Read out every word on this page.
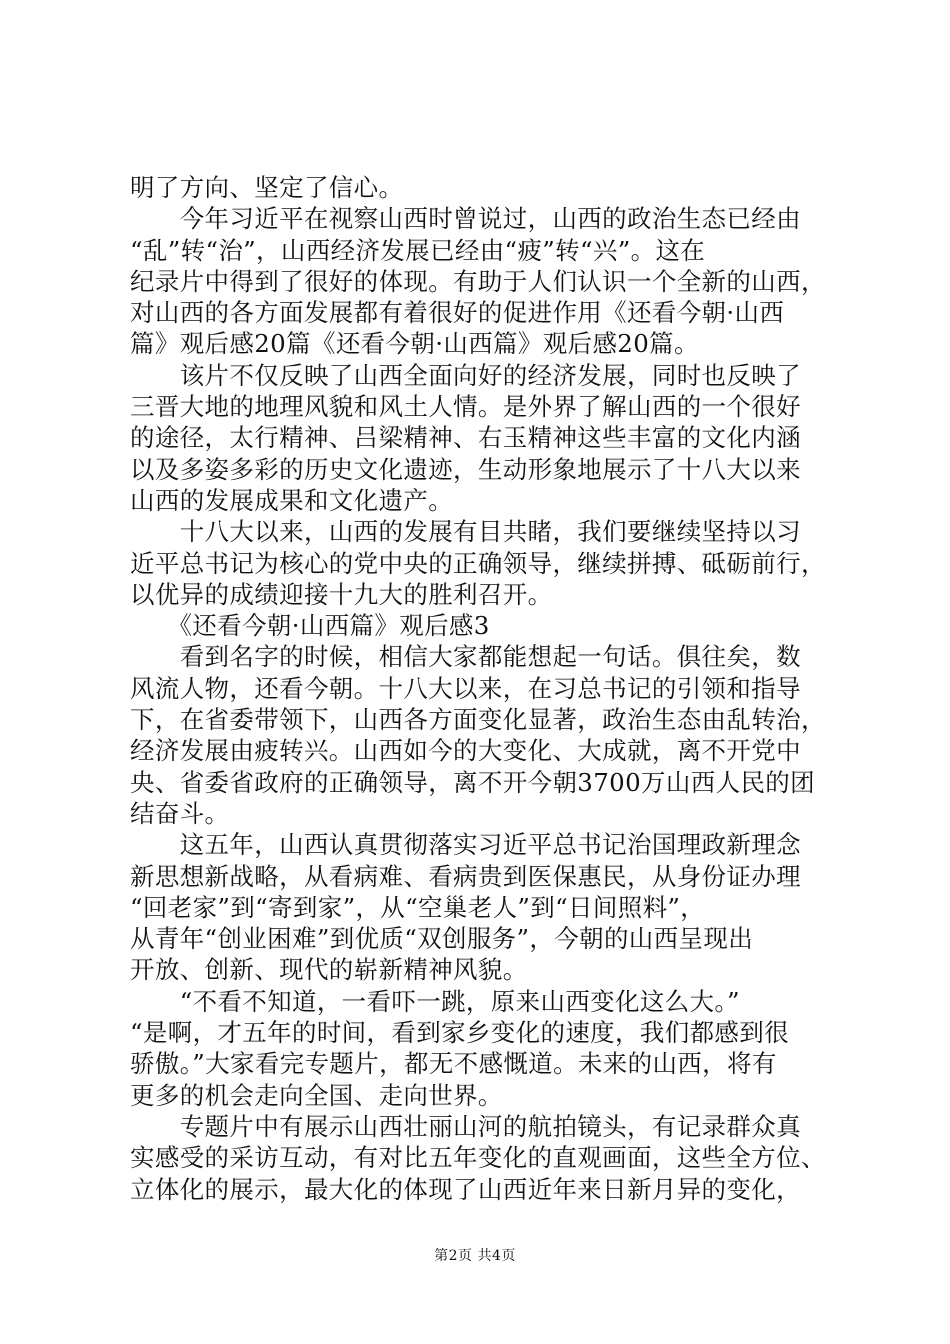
明了方向、坚定了信心。
　　今年习近平在视察山西时曾说过，山西的政治生态已经由
“乱”转“治”，山西经济发展已经由“疲”转“兴”。这在
纪录片中得到了很好的体现。有助于人们认识一个全新的山西，
对山西的各方面发展都有着很好的促进作用《还看今朝·山西
篇》观后感20篇《还看今朝·山西篇》观后感20篇。
　　该片不仅反映了山西全面向好的经济发展，同时也反映了
三晋大地的地理风貌和风土人情。是外界了解山西的一个很好
的途径，太行精神、吕梁精神、右玉精神这些丰富的文化内涵
以及多姿多彩的历史文化遗迹，生动形象地展示了十八大以来
山西的发展成果和文化遗产。
　　十八大以来，山西的发展有目共睹，我们要继续坚持以习
近平总书记为核心的党中央的正确领导，继续拼搏、砥砺前行，
以优异的成绩迎接十九大的胜利召开。
　　《还看今朝·山西篇》观后感3
　　看到名字的时候，相信大家都能想起一句话。俱往矣，数
风流人物，还看今朝。十八大以来，在习总书记的引领和指导
下，在省委带领下，山西各方面变化显著，政治生态由乱转治，
经济发展由疲转兴。山西如今的大变化、大成就，离不开党中
央、省委省政府的正确领导，离不开今朝3700万山西人民的团
结奋斗。
　　这五年，山西认真贯彻落实习近平总书记治国理政新理念
新思想新战略，从看病难、看病贵到医保惠民，从身份证办理
“回老家”到“寄到家”，从“空巢老人”到“日间照料”，
从青年“创业困难”到优质“双创服务”，今朝的山西呈现出
开放、创新、现代的崭新精神风貌。
　　“不看不知道，一看吓一跳，原来山西变化这么大。”
“是啊，才五年的时间，看到家乡变化的速度，我们都感到很
骄傲。”大家看完专题片，都无不感慨道。未来的山西，将有
更多的机会走向全国、走向世界。
　　专题片中有展示山西壮丽山河的航拍镜头，有记录群众真
实感受的采访互动，有对比五年变化的直观画面，这些全方位、
立体化的展示，最大化的体现了山西近年来日新月异的变化，
第2页 共4页
